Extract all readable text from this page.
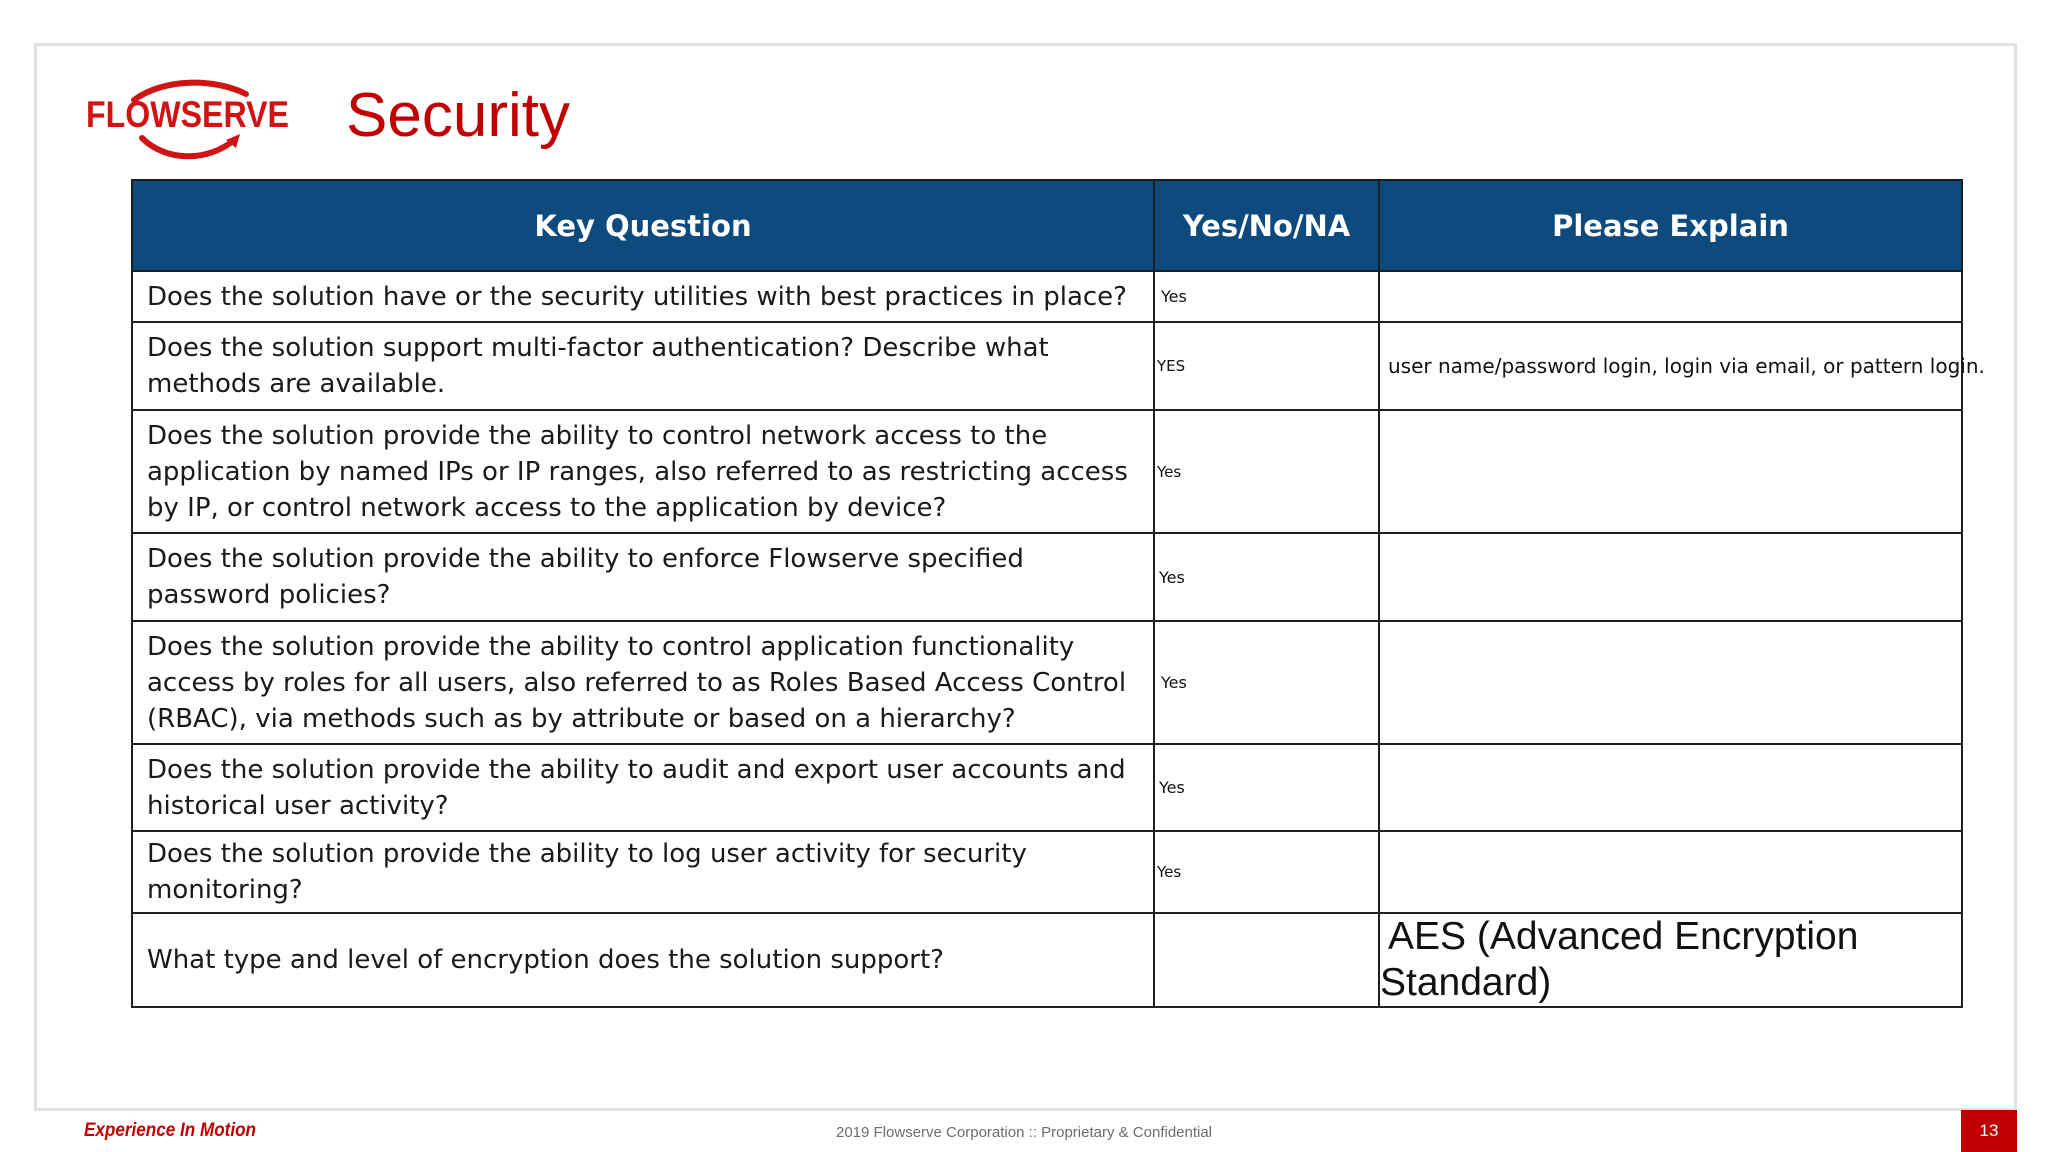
FLOWSERVE Security
Key Question	Yes/No/NA	Please Explain
Does the solution have or the security utilities with best practices in place?	Yes	
Does the solution support multi-factor authentication? Describe what methods are available.	YES	user name/password login, login via email, or pattern login.
Does the solution provide the ability to control network access to the application by named IPs or IP ranges, also referred to as restricting access by IP, or control network access to the application by device?	Yes	
Does the solution provide the ability to enforce Flowserve specified password policies?	Yes	
Does the solution provide the ability to control application functionality access by roles for all users, also referred to as Roles Based Access Control (RBAC), via methods such as by attribute or based on a hierarchy?	Yes	
Does the solution provide the ability to audit and export user accounts and historical user activity?	Yes	
Does the solution provide the ability to log user activity for security monitoring?	Yes	
What type and level of encryption does the solution support?		AES (Advanced Encryption
Standard)
Experience In Motion	2019 Flowserve Corporation :: Proprietary & Confidential	13
